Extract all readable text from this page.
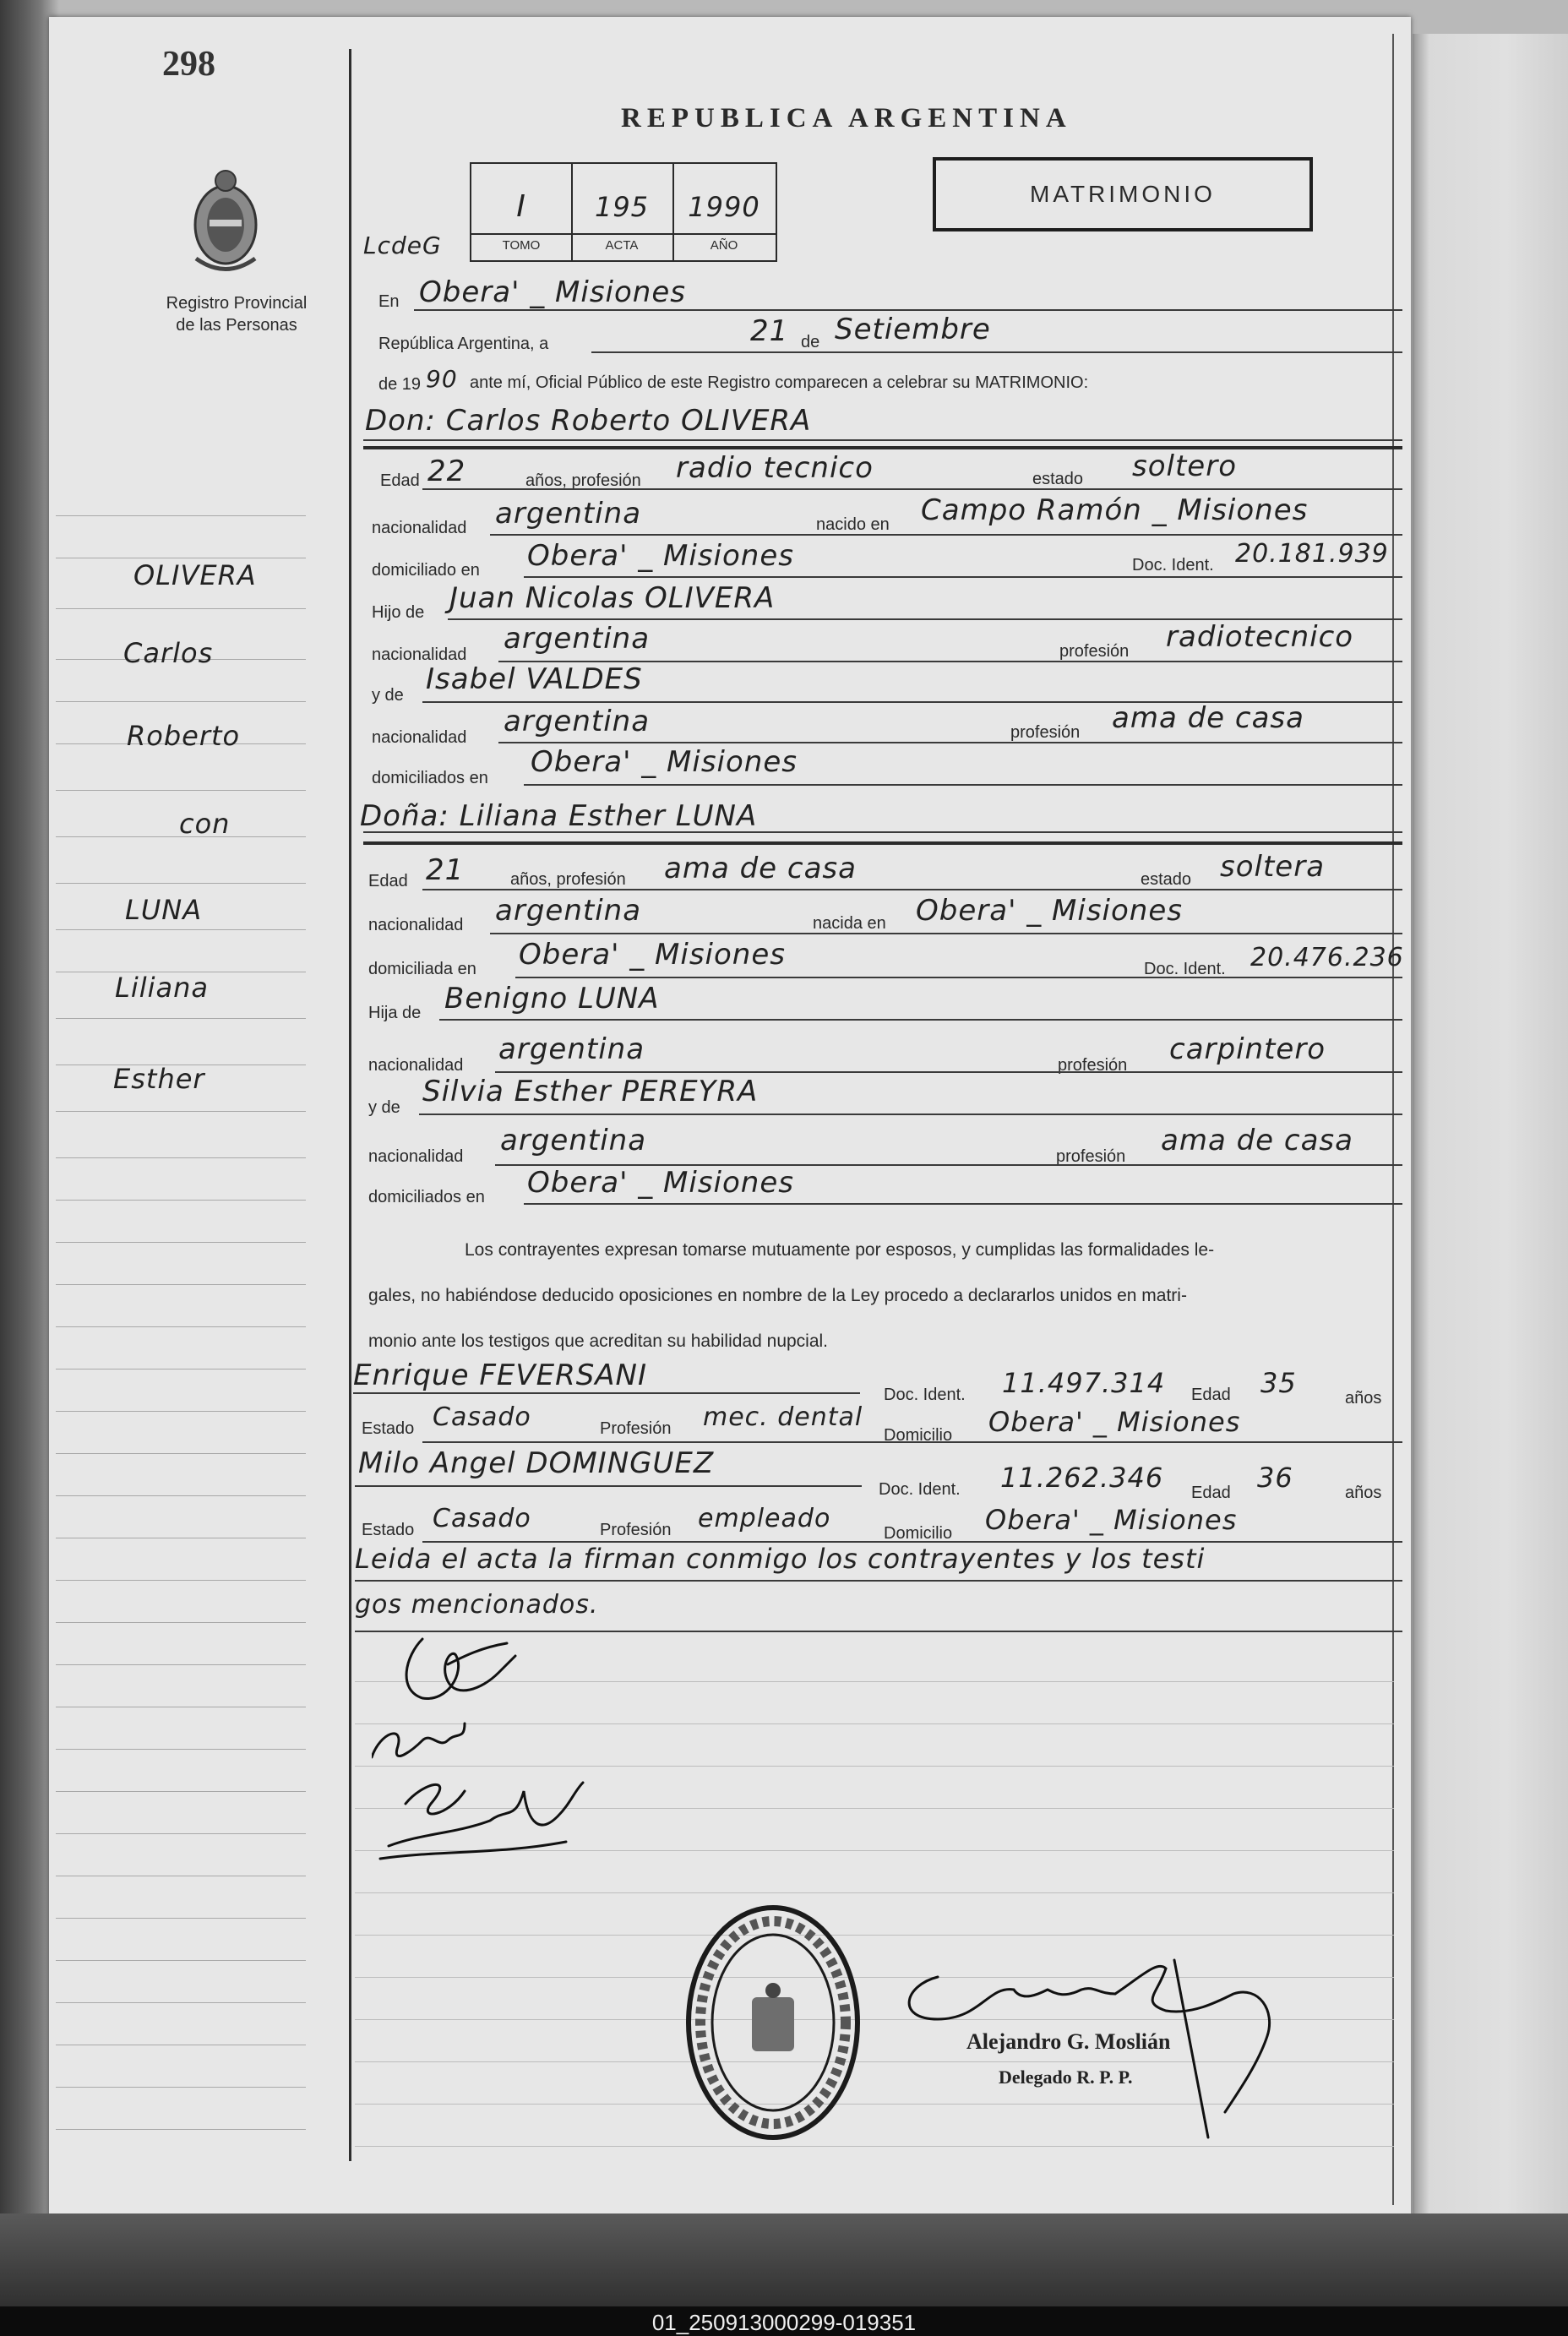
298
REPUBLICA ARGENTINA
Registro Provincial
de las Personas
I	195	1990
TOMO	ACTA	AÑO
LcdeG
MATRIMONIO
En Obera' _ Misiones
República Argentina, a	21 de Setiembre
de 19 90 ante mí, Oficial Público de este Registro comparecen a celebrar su MATRIMONIO:
Don: Carlos Roberto OLIVERA
Edad 22	años, profesión radio tecnico	estado soltero
nacionalidad argentina	nacido en Campo Ramón _ Misiones
domiciliado en Obera' _ Misiones	Doc. Ident. 20.181.939
Hijo de Juan Nicolas OLIVERA
nacionalidad argentina	profesión radiotecnico
y de Isabel VALDES
nacionalidad argentina	profesión ama de casa
domiciliados en Obera' _ Misiones
Doña: Liliana Esther LUNA
Edad 21	años, profesión ama de casa	estado soltera
nacionalidad argentina	nacida en Obera' _ Misiones
domiciliada en Obera' _ Misiones	Doc. Ident. 20.476.236
Hija de Benigno LUNA
nacionalidad argentina	profesión carpintero
y de Silvia Esther PEREYRA
nacionalidad argentina	profesión ama de casa
domiciliados en Obera' _ Misiones
Los contrayentes expresan tomarse mutuamente por esposos, y cumplidas las formalidades le-
gales, no habiéndose deducido oposiciones en nombre de la Ley procedo a declararlos unidos en matri-
monio ante los testigos que acreditan su habilidad nupcial.
Enrique FEVERSANI
Doc. Ident. 11.497.314 Edad 35	años
Estado Casado	Profesión mec. dental
Domicilio Obera' _ Misiones
Milo Angel DOMINGUEZ
Doc. Ident. 11.262.346 Edad 36	años
Estado Casado	Profesión empleado	Domicilio Obera' _ Misiones
Leida el acta la firman conmigo los contrayentes y los testi
gos mencionados.
Alejandro G. Moslián
Delegado R. P. P.
OLIVERA
Carlos
Roberto
con
LUNA
Liliana
Esther
01_250913000299-019351
